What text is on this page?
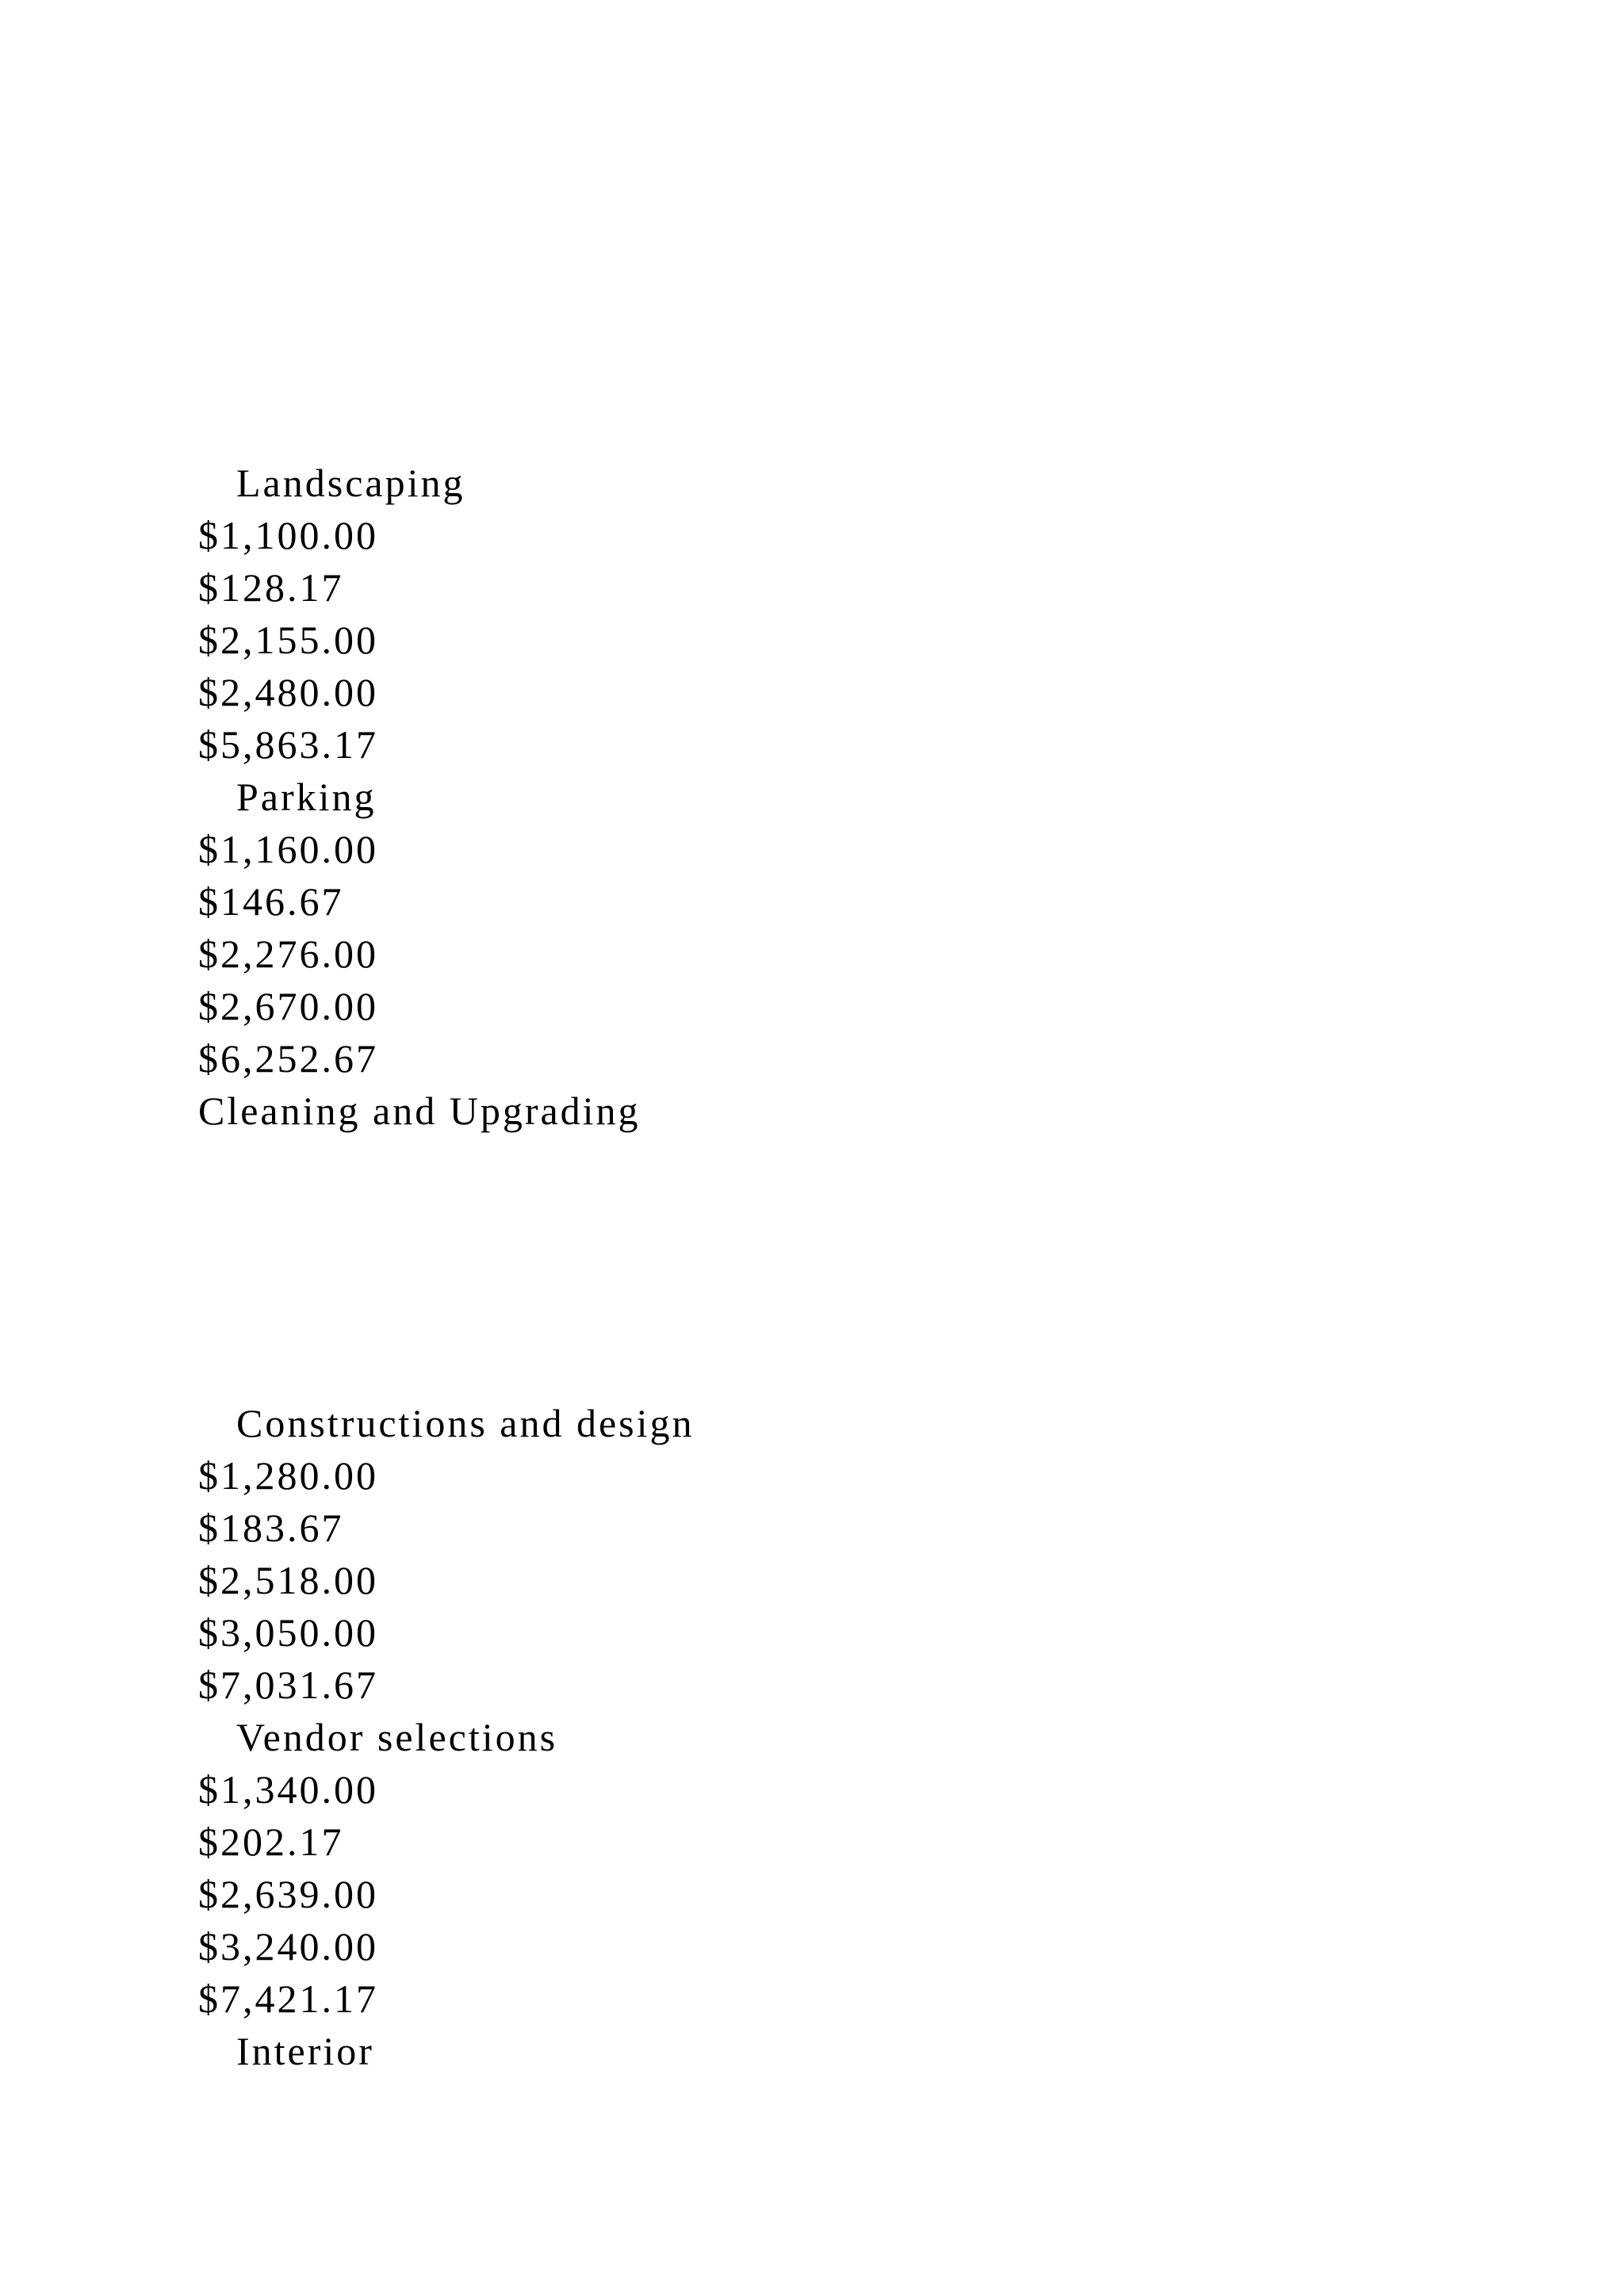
Landscaping
$1,100.00
$128.17
$2,155.00
$2,480.00
$5,863.17
Parking
$1,160.00
$146.67
$2,276.00
$2,670.00
$6,252.67
Cleaning and Upgrading
Constructions and design
$1,280.00
$183.67
$2,518.00
$3,050.00
$7,031.67
Vendor selections
$1,340.00
$202.17
$2,639.00
$3,240.00
$7,421.17
Interior
